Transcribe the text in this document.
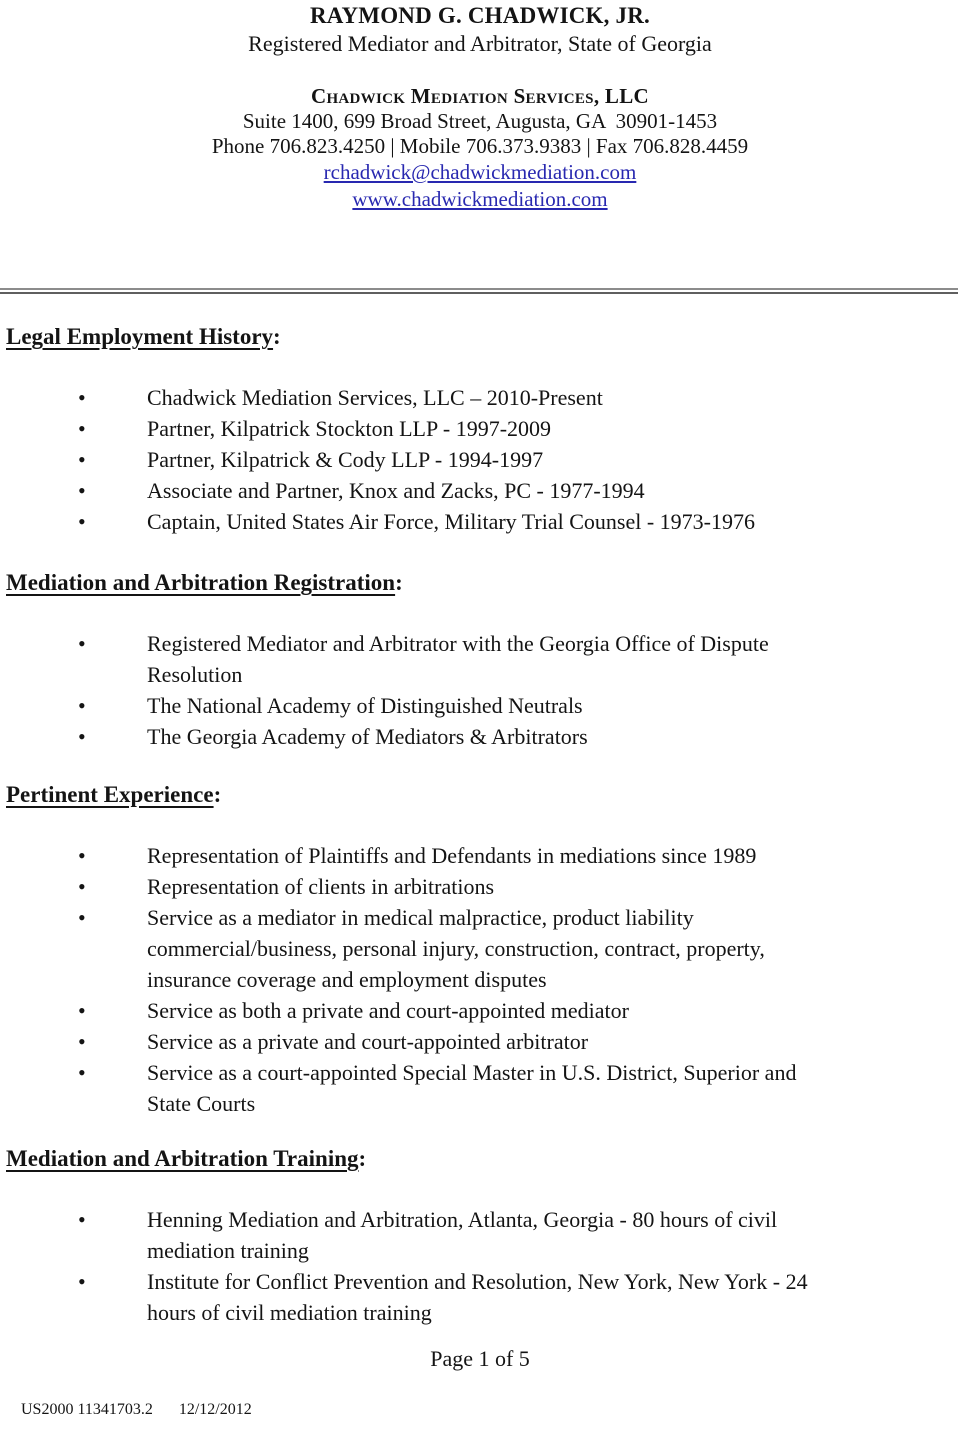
RAYMOND G. CHADWICK, JR.
Registered Mediator and Arbitrator, State of Georgia
Chadwick Mediation Services, LLC
Suite 1400, 699 Broad Street, Augusta, GA  30901-1453
Phone 706.823.4250 | Mobile 706.373.9383 | Fax 706.828.4459
rchadwick@chadwickmediation.com
www.chadwickmediation.com
Legal Employment History:
• Chadwick Mediation Services, LLC – 2010-Present
• Partner, Kilpatrick Stockton LLP - 1997-2009
• Partner, Kilpatrick & Cody LLP - 1994-1997
• Associate and Partner, Knox and Zacks, PC - 1977-1994
• Captain, United States Air Force, Military Trial Counsel - 1973-1976
Mediation and Arbitration Registration:
• Registered Mediator and Arbitrator with the Georgia Office of Dispute
Resolution
• The National Academy of Distinguished Neutrals
• The Georgia Academy of Mediators & Arbitrators
Pertinent Experience:
• Representation of Plaintiffs and Defendants in mediations since 1989
• Representation of clients in arbitrations
• Service as a mediator in medical malpractice, product liability
commercial/business, personal injury, construction, contract, property,
insurance coverage and employment disputes
• Service as both a private and court-appointed mediator
• Service as a private and court-appointed arbitrator
• Service as a court-appointed Special Master in U.S. District, Superior and
State Courts
Mediation and Arbitration Training:
• Henning Mediation and Arbitration, Atlanta, Georgia - 80 hours of civil
mediation training
• Institute for Conflict Prevention and Resolution, New York, New York - 24
hours of civil mediation training
Page 1 of 5

US2000 11341703.2 12/12/2012
